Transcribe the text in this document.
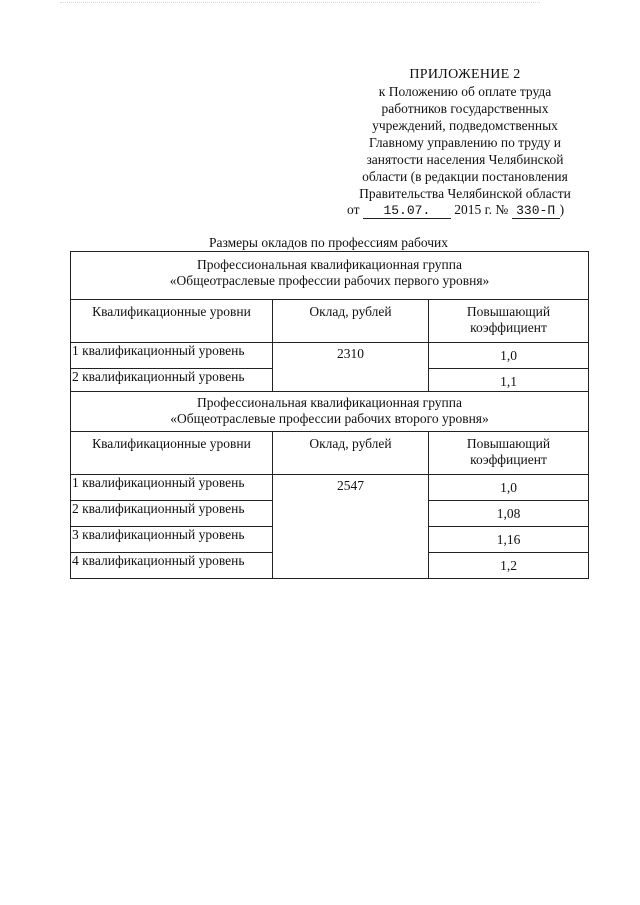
ПРИЛОЖЕНИЕ 2
к Положению об оплате труда
работников государственных
учреждений, подведомственных
Главному управлению по труду и
занятости населения Челябинской
области (в редакции постановления
Правительства Челябинской области
от 15.07. 2015 г. № 330-П )
Размеры окладов по профессиям рабочих
Профессиональная квалификационная группа
«Общеотраслевые профессии рабочих первого уровня»		

Квалификационные уровни	Оклад, рублей	Повышающий
коэффициент

1 квалификационный уровень	2310	1,0
2 квалификационный уровень		1,1

Профессиональная квалификационная группа
«Общеотраслевые профессии рабочих второго уровня»		

Квалификационные уровни	Оклад, рублей	Повышающий
коэффициент

1 квалификационный уровень	2547	1,0
2 квалификационный уровень		1,08
3 квалификационный уровень		1,16
4 квалификационный уровень		1,2
